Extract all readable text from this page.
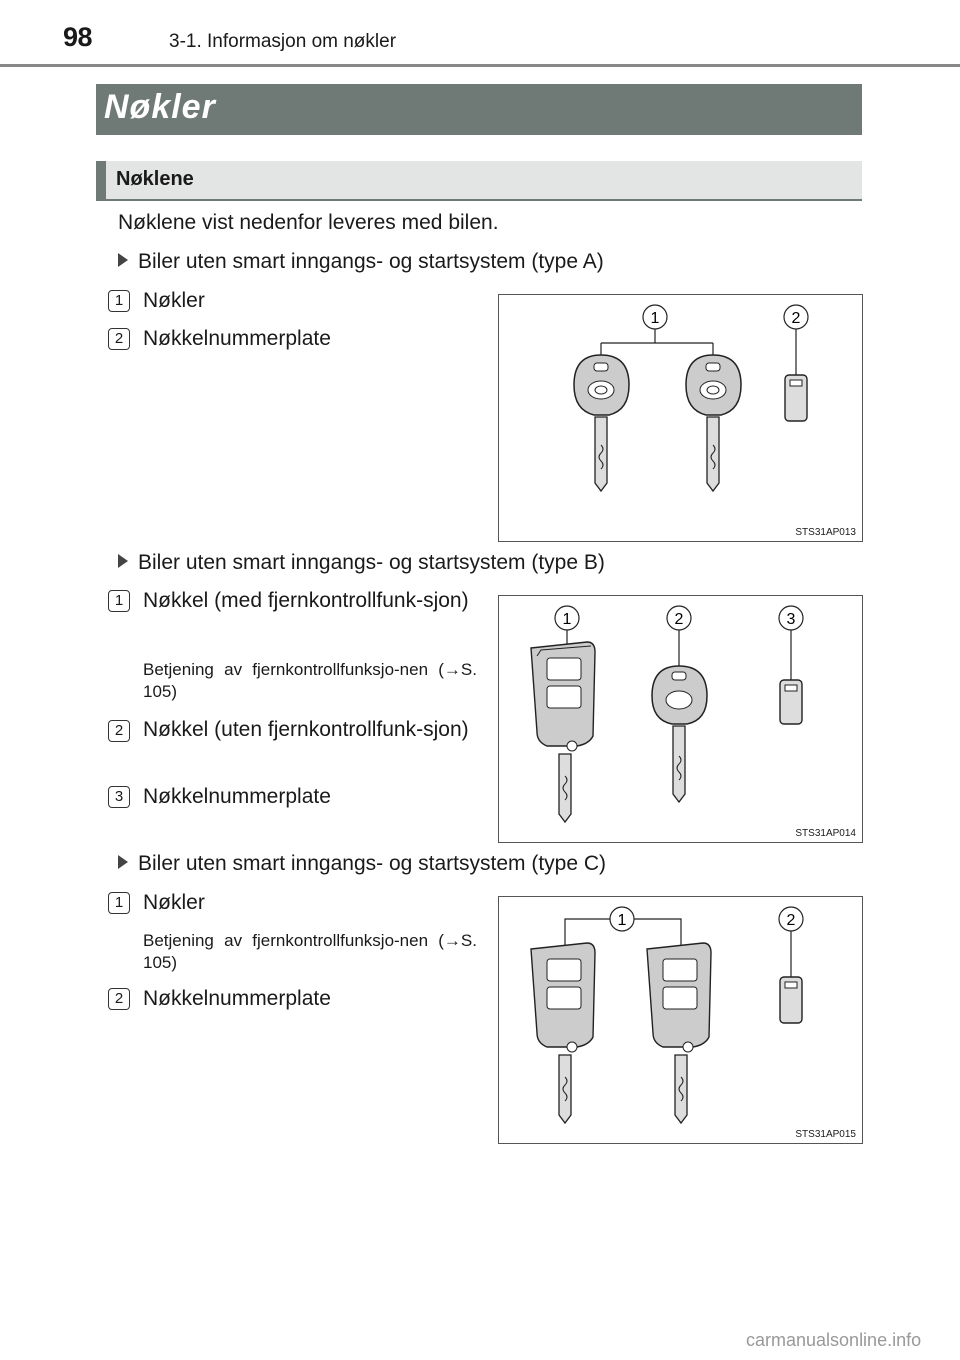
98	3-1. Informasjon om nøkler
Nøkler
Nøklene
Nøklene vist nedenfor leveres med bilen.
Biler uten smart inngangs- og startsystem (type A)
1 Nøkler
2 Nøkkelnummerplate
1	2
STS31AP013
Biler uten smart inngangs- og startsystem (type B)
1 Nøkkel (med fjernkontrollfunk-sjon)
Betjening av fjernkontrollfunksjo-nen (→S. 105)
2 Nøkkel (uten fjernkontrollfunk-sjon)
3 Nøkkelnummerplate
1	2	3
STS31AP014
Biler uten smart inngangs- og startsystem (type C)
1 Nøkler
Betjening av fjernkontrollfunksjo-nen (→S. 105)
2 Nøkkelnummerplate
1	2
STS31AP015
carmanualsonline.info
